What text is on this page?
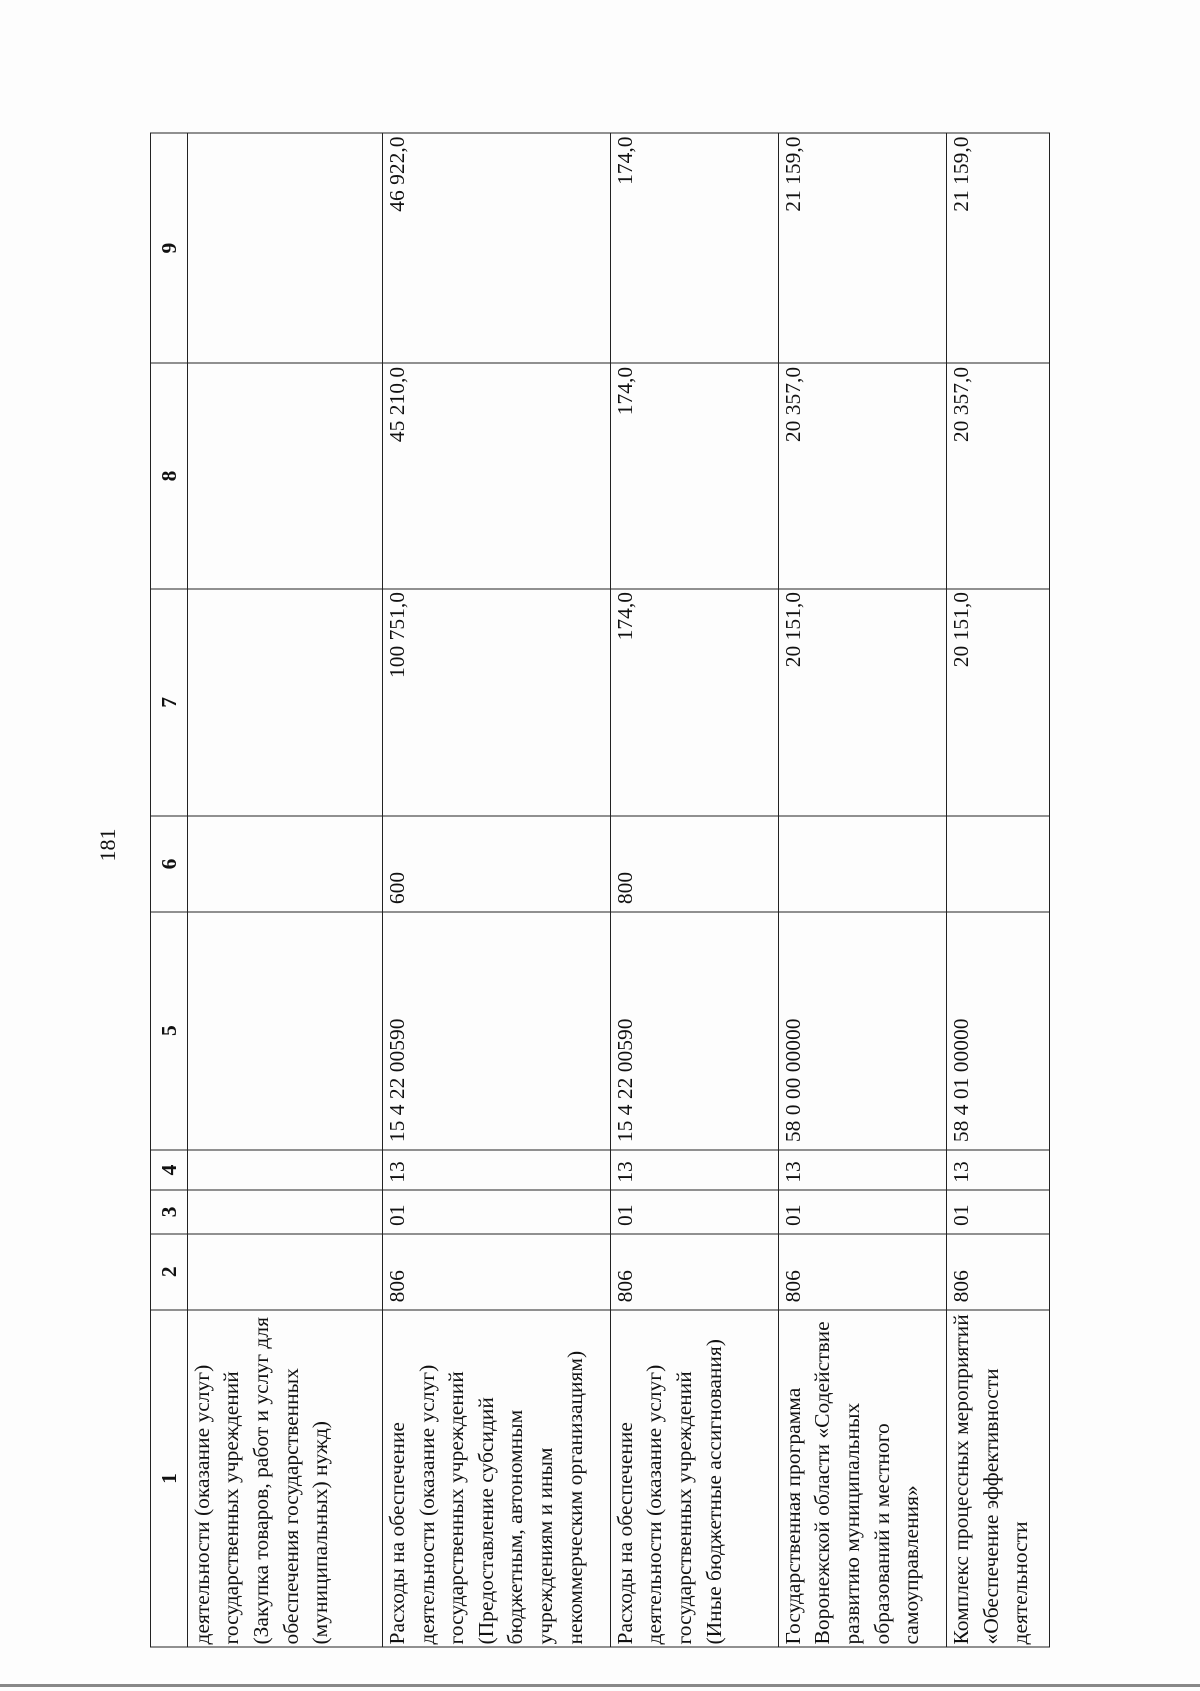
181
1	2	3	4	5	6	7	8	9
деятельности (оказание услуг) государственных учреждений (Закупка товаров, работ и услуг для обеспечения государственных (муниципальных) нужд)								
Расходы на обеспечение деятельности (оказание услуг) государственных учреждений (Предоставление субсидий бюджетным, автономным учреждениям и иным некоммерческим организациям)	806	01	13	15 4 22 00590	600	100 751,0	45 210,0	46 922,0
Расходы на обеспечение деятельности (оказание услуг) государственных учреждений (Иные бюджетные ассигнования)	806	01	13	15 4 22 00590	800	174,0	174,0	174,0
Государственная программа Воронежской области «Содействие развитию муниципальных образований и местного самоуправления»	806	01	13	58 0 00 00000		20 151,0	20 357,0	21 159,0
Комплекс процессных мероприятий «Обеспечение эффективности деятельности	806	01	13	58 4 01 00000		20 151,0	20 357,0	21 159,0
